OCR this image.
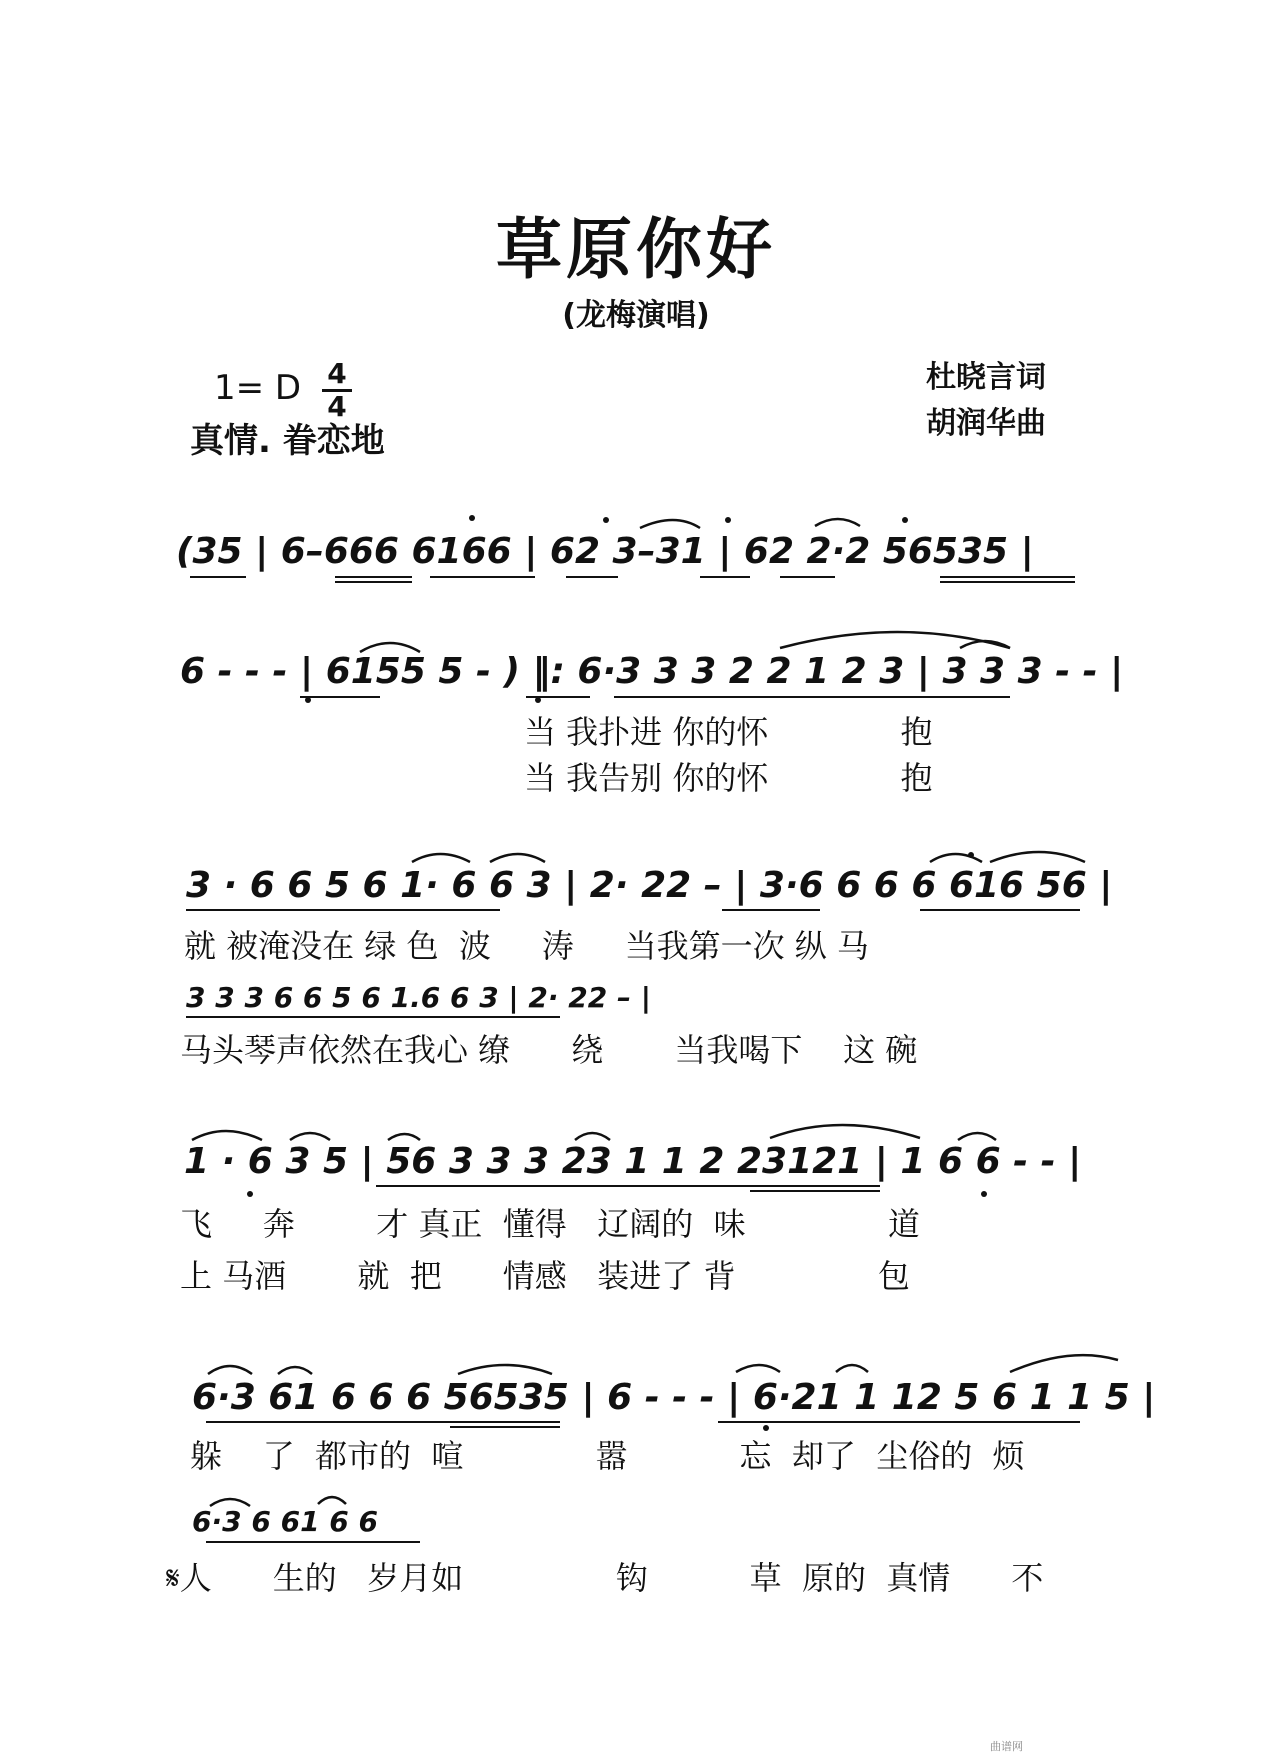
草原你好
(龙梅演唱)
1= D 4
4
真情. 眷恋地
杜晓言词
胡润华曲
(35 | 6–666 6166 | 62 3–31 | 62 2·2 56535 |
6 - - - | 6155 5 - ) ‖: 6·3 3 3 2 2 1 2 3 | 3 3 3 - - |
当 我扑进 你的怀             抱
当 我告别 你的怀             抱
3 · 6 6 5 6 1· 6 6 3 | 2· 22 – | 3·6 6 6 6 616 56 |
就 被淹没在 绿 色  波     涛     当我第一次 纵 马
3 3 3 6 6 5 6 1.6 6 3 | 2· 22 – |
马头琴声依然在我心 缭      绕       当我喝下    这 碗
1 · 6 3 5 | 56 3 3 3 23 1 1 2 23121 | 1 6 6 - - |
飞     奔        才 真正  懂得   辽阔的  味              道
上 马酒       就  把      情感   装进了 背              包
6·3 61 6 6 6 56535 | 6 - - - | 6·21 1 12 5 6 1 1 5 |
躲    了  都市的  喧             嚣           忘  却了  尘俗的  烦
6·3 6 61 6 6
𝄋人      生的   岁月如               钩          草  原的  真情      不
曲谱网
